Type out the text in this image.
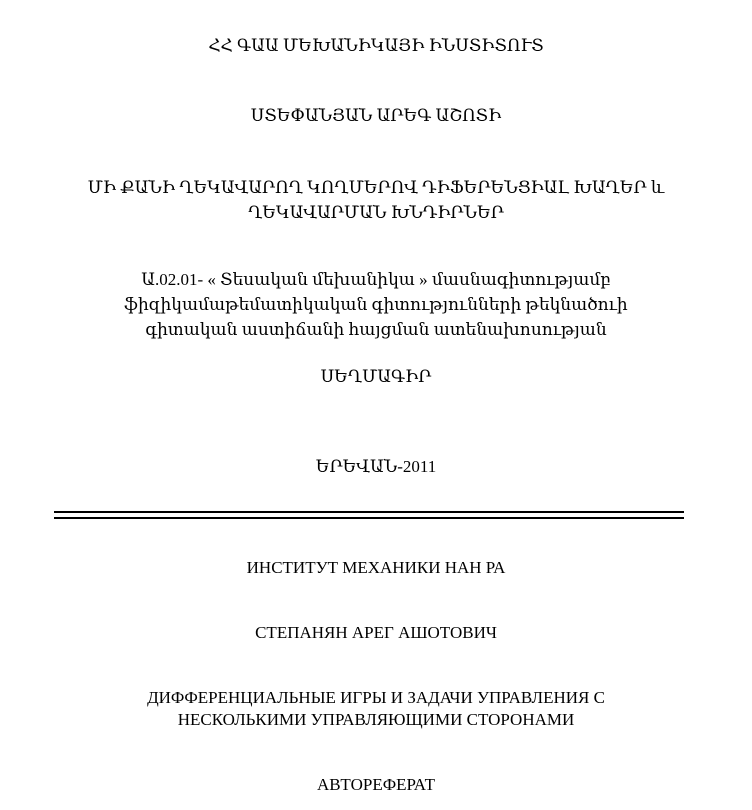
ՀՀ ԳԱԱ ՄԵԽԱՆԻԿԱՅԻ ԻՆՍՏԻՏՈՒՏ
ՍՏԵՓԱՆՅԱՆ ԱՐԵԳ ԱՇՈՏԻ
ՄԻ ՔԱՆԻ ՂԵԿԱՎԱՐՈՂ ԿՈՂՄԵՐՈՎ ԴԻՖԵՐԵՆՑԻԱԼ ԽԱՂԵՐ և
ՂԵԿԱՎԱՐՄԱՆ ԽՆԴԻՐՆԵՐ
Ա.02.01- « Տեսական մեխանիկա » մասնագիտությամբ
ֆիզիկամաթեմատիկական գիտությունների թեկնածուի
գիտական աստիճանի հայցման ատենախոսության
ՍԵՂՄԱԳԻՐ
ԵՐԵՎԱՆ-2011
ИНСТИТУТ МЕХАНИКИ НАН РА
СТЕПАНЯН АРЕГ АШОТОВИЧ
ДИФФЕРЕНЦИАЛЬНЫЕ ИГРЫ И ЗАДАЧИ УПРАВЛЕНИЯ С
НЕСКОЛЬКИМИ УПРАВЛЯЮЩИМИ СТОРОНАМИ
АВТОРЕФЕРАТ
